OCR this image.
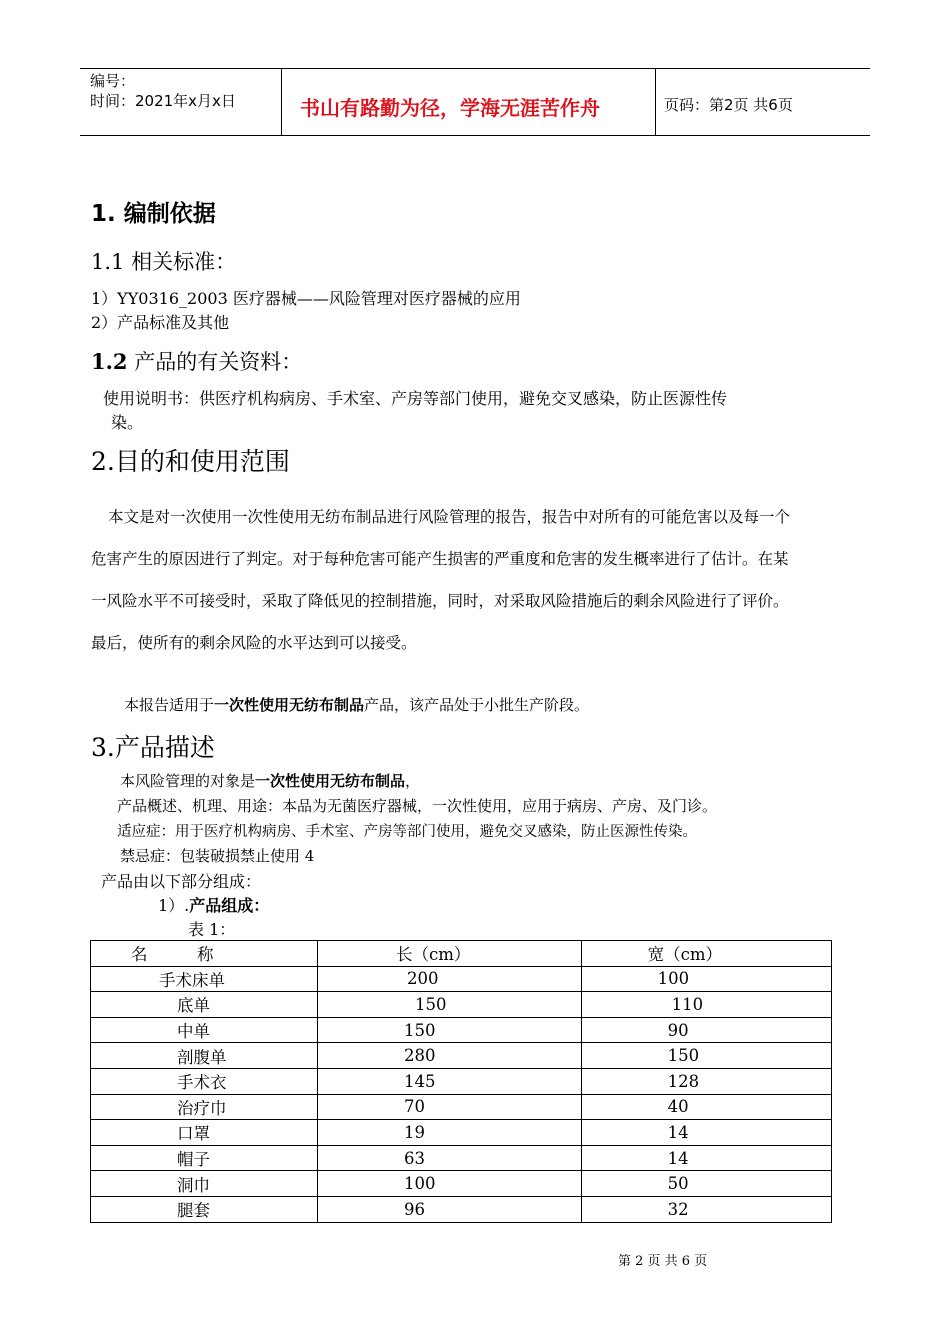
编号：
时间：2021年x月x日	书山有路勤为径，学海无涯苦作舟	页码：第2页 共6页
1. 编制依据
1.1 相关标准：
1）YY0316_2003 医疗器械——风险管理对医疗器械的应用
2）产品标准及其他
1.2 产品的有关资料：
使用说明书：供医疗机构病房、手术室、产房等部门使用，避免交叉感染，防止医源性传
染。
2.目的和使用范围
本文是对一次使用一次性使用无纺布制品进行风险管理的报告，报告中对所有的可能危害以及每一个
危害产生的原因进行了判定。对于每种危害可能产生损害的严重度和危害的发生概率进行了估计。在某
一风险水平不可接受时，采取了降低见的控制措施，同时，对采取风险措施后的剩余风险进行了评价。
最后，使所有的剩余风险的水平达到可以接受。
本报告适用于一次性使用无纺布制品产品，该产品处于小批生产阶段。
3.产品描述
本风险管理的对象是一次性使用无纺布制品，
产品概述、机理、用途：本品为无菌医疗器械，一次性使用，应用于病房、产房、及门诊。
适应症：用于医疗机构病房、手术室、产房等部门使用，避免交叉感染，防止医源性传染。
禁忌症：包装破损禁止使用 4
产品由以下部分组成：
1）.产品组成：
表 1：
名　　　称	长（cm）	宽（cm）
手术床单	200	100
底单	150	110
中单	150	90
剖腹单	280	150
手术衣	145	128
治疗巾	70	40
口罩	19	14
帽子	63	14
洞巾	100	50
腿套	96	32
第 2 页 共 6 页
